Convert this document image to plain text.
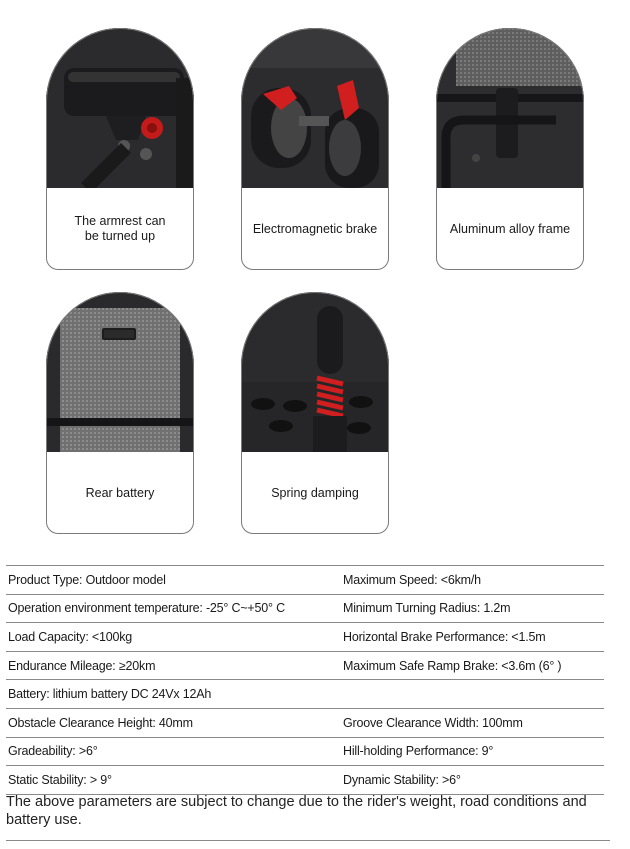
The armrest can
be turned up
Electromagnetic brake	Aluminum alloy frame
Rear battery	Spring damping
Product Type: Outdoor model	Maximum Speed: <6km/h
Operation environment temperature: -25° C~+50° C	Minimum Turning Radius: 1.2m
Load Capacity: <100kg	Horizontal Brake Performance: <1.5m
Endurance Mileage: ≥20km	Maximum Safe Ramp Brake: <3.6m (6° )
Battery: lithium battery DC 24Vx 12Ah
Obstacle Clearance Height: 40mm	Groove Clearance Width: 100mm
Gradeability: >6°	Hill-holding Performance: 9°
Static Stability: > 9°	Dynamic Stability: >6°
The above parameters are subject to change due to the rider's weight, road conditions and battery use.
